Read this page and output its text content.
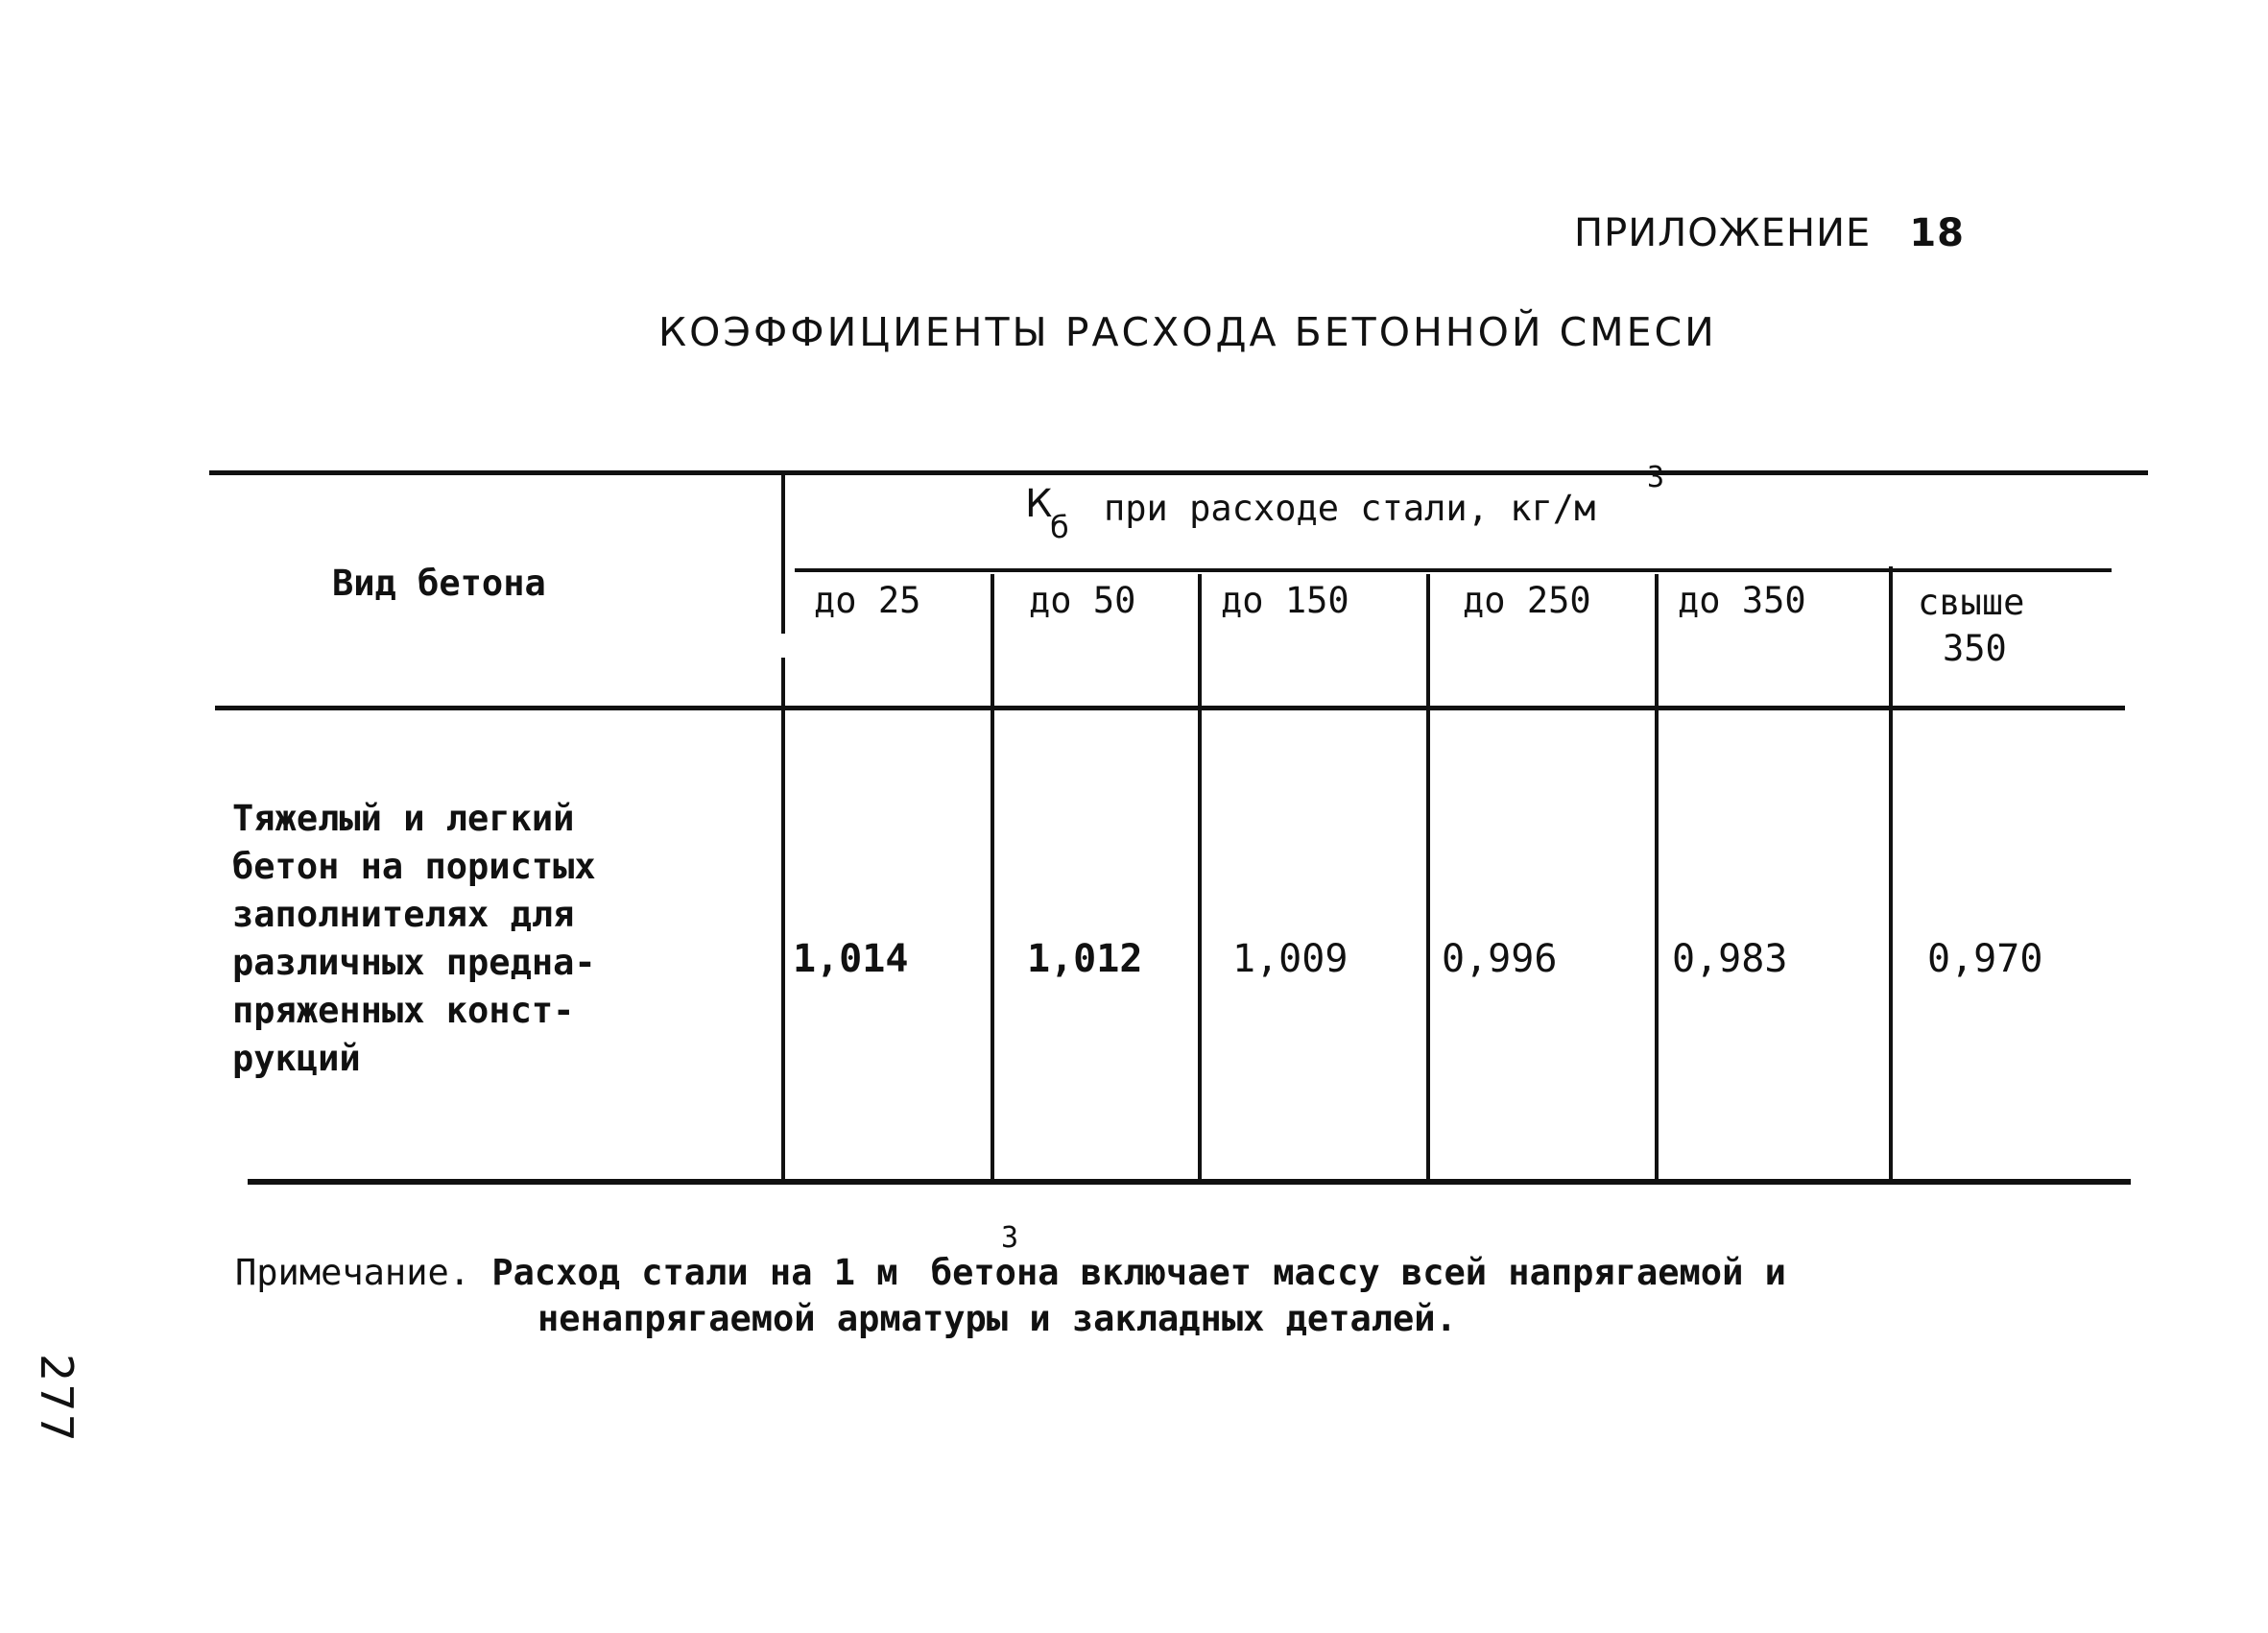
ПРИЛОЖЕНИЕ 18
КОЭФФИЦИЕНТЫ РАСХОДА БЕТОННОЙ СМЕСИ
Вид бетона
К
б при расходе стали, кг/м
3
до 25	до 50 до 150	до 250 до 350	свыше
350
Тяжелый и легкий
бетон на пористых
заполнителях для
различных предна-
пряженных конст-
рукций
1,014	1,012 1,009 0,996	0,983	0,970
Примечание. Расход стали на 1 м бетона включает массу всей напрягаемой и
3
ненапрягаемой арматуры и закладных деталей.
277
